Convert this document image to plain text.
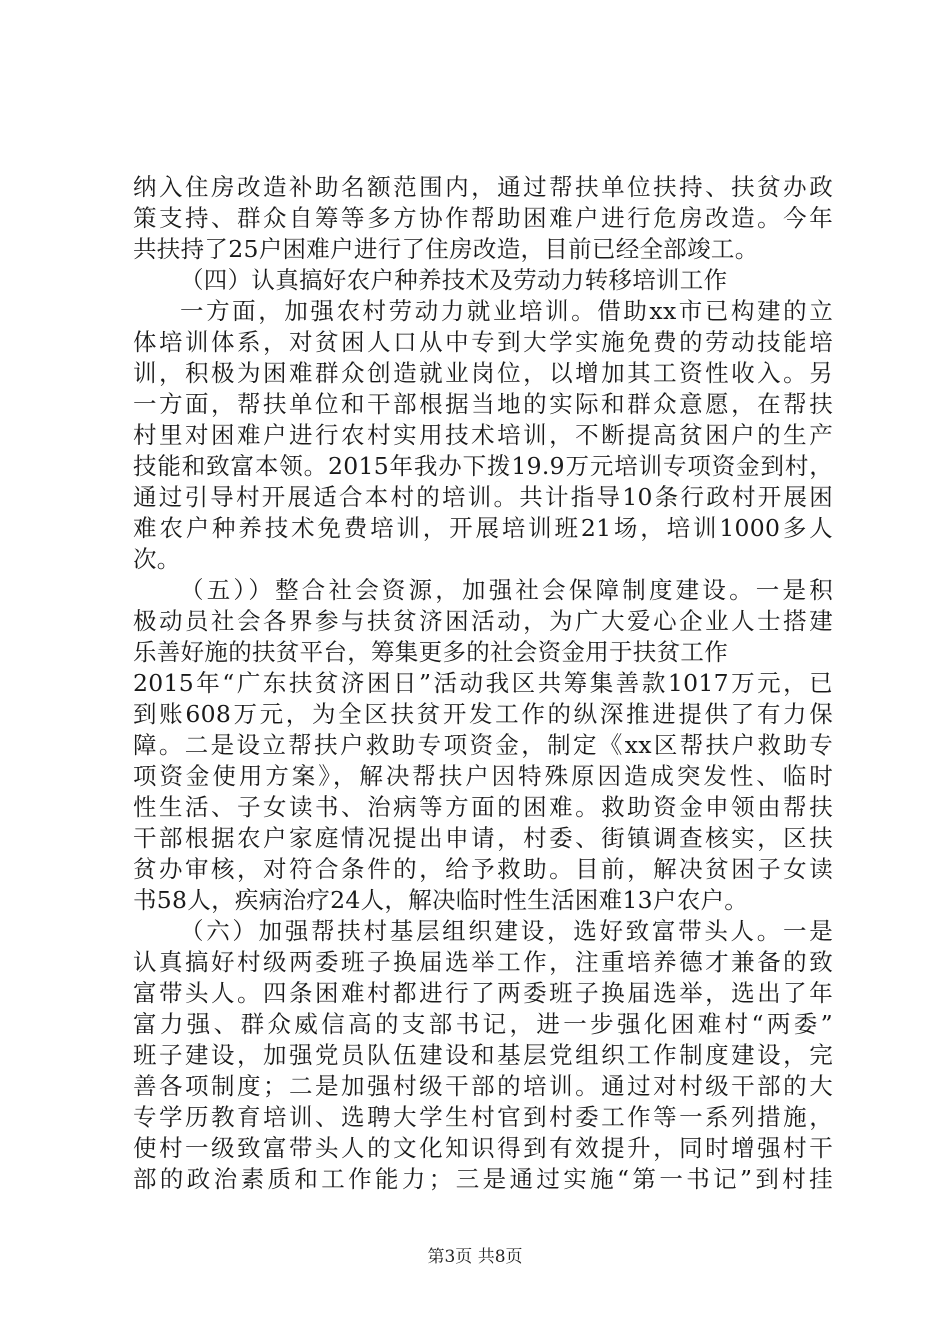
纳入住房改造补助名额范围内，通过帮扶单位扶持、扶贫办政
策支持、群众自筹等多方协作帮助困难户进行危房改造。今年
共扶持了25户困难户进行了住房改造，目前已经全部竣工。
（四）认真搞好农户种养技术及劳动力转移培训工作
一方面，加强农村劳动力就业培训。借助xx市已构建的立
体培训体系，对贫困人口从中专到大学实施免费的劳动技能培
训，积极为困难群众创造就业岗位，以增加其工资性收入。另
一方面，帮扶单位和干部根据当地的实际和群众意愿，在帮扶
村里对困难户进行农村实用技术培训，不断提高贫困户的生产
技能和致富本领。2015年我办下拨19.9万元培训专项资金到村，
通过引导村开展适合本村的培训。共计指导10条行政村开展困
难农户种养技术免费培训，开展培训班21场，培训1000多人
次。
（五））整合社会资源，加强社会保障制度建设。一是积
极动员社会各界参与扶贫济困活动，为广大爱心企业人士搭建
乐善好施的扶贫平台，筹集更多的社会资金用于扶贫工作
2015年“广东扶贫济困日”活动我区共筹集善款1017万元，已
到账608万元，为全区扶贫开发工作的纵深推进提供了有力保
障。二是设立帮扶户救助专项资金，制定《xx区帮扶户救助专
项资金使用方案》，解决帮扶户因特殊原因造成突发性、临时
性生活、子女读书、治病等方面的困难。救助资金申领由帮扶
干部根据农户家庭情况提出申请，村委、街镇调查核实，区扶
贫办审核，对符合条件的，给予救助。目前，解决贫困子女读
书58人，疾病治疗24人，解决临时性生活困难13户农户。
（六）加强帮扶村基层组织建设，选好致富带头人。一是
认真搞好村级两委班子换届选举工作，注重培养德才兼备的致
富带头人。四条困难村都进行了两委班子换届选举，选出了年
富力强、群众威信高的支部书记，进一步强化困难村“两委”
班子建设，加强党员队伍建设和基层党组织工作制度建设，完
善各项制度；二是加强村级干部的培训。通过对村级干部的大
专学历教育培训、选聘大学生村官到村委工作等一系列措施，
使村一级致富带头人的文化知识得到有效提升，同时增强村干
部的政治素质和工作能力；三是通过实施“第一书记”到村挂
第3页 共8页
